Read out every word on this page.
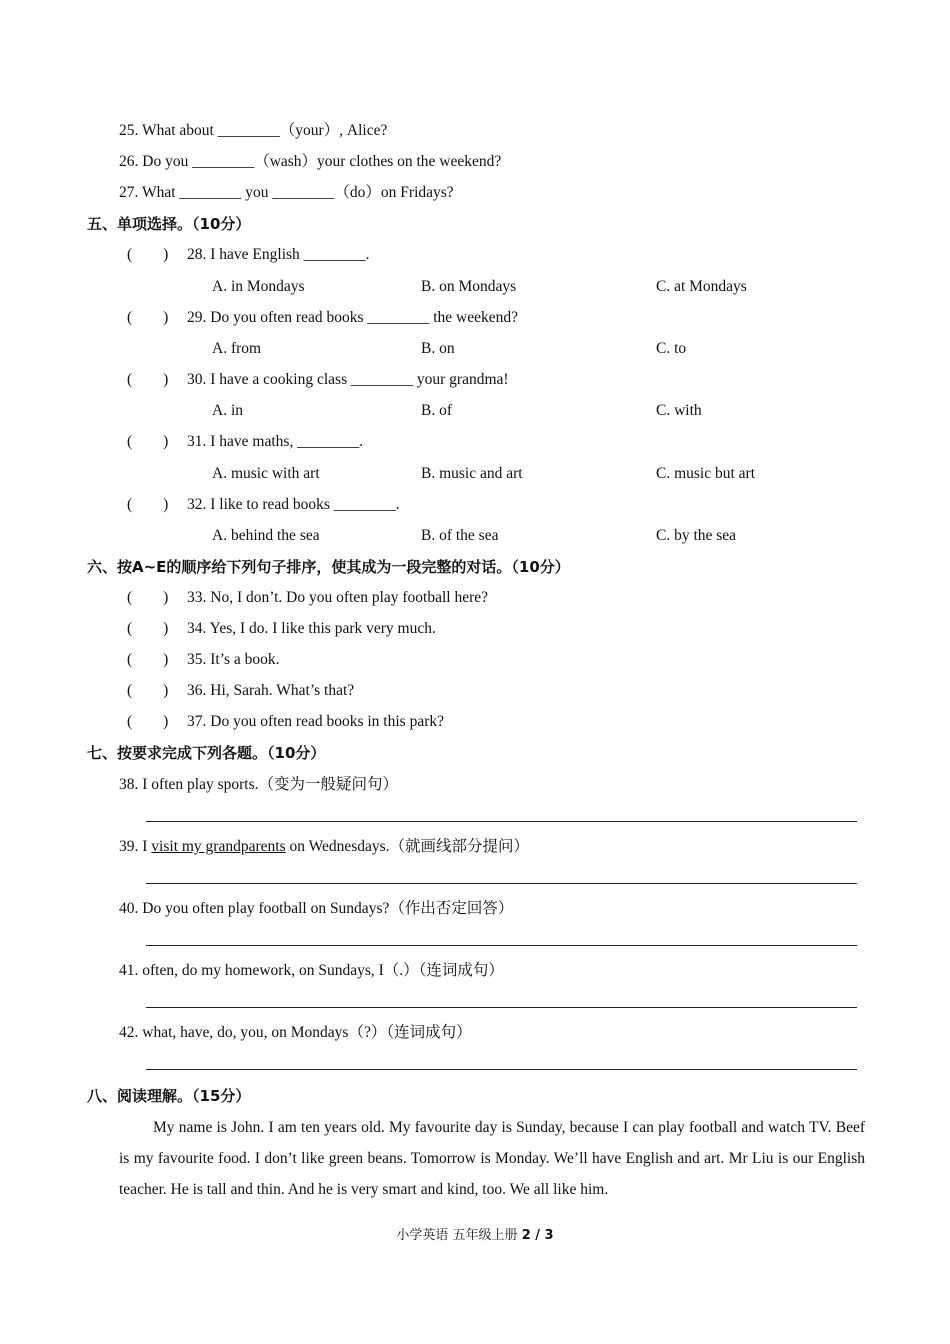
25. What about ________（your）, Alice?
26. Do you ________（wash）your clothes on the weekend?
27. What ________ you ________（do）on Fridays?
五、单项选择。（10分）
(        ) 28. I have English ________.
A. in Mondays	B. on Mondays	C. at Mondays
(        ) 29. Do you often read books ________ the weekend?
A. from	B. on	C. to
(        ) 30. I have a cooking class ________ your grandma!
A. in	B. of	C. with
(        ) 31. I have maths, ________.
A. music with art	B. music and art	C. music but art
(        ) 32. I like to read books ________.
A. behind the sea	B. of the sea	C. by the sea
六、按A~E的顺序给下列句子排序，使其成为一段完整的对话。（10分）
(        ) 33. No, I don’t. Do you often play football here?
(        ) 34. Yes, I do. I like this park very much.
(        ) 35. It’s a book.
(        ) 36. Hi, Sarah. What’s that?
(        ) 37. Do you often read books in this park?
七、按要求完成下列各题。（10分）
38. I often play sports.（变为一般疑问句）
39. I visit my grandparents on Wednesdays.（就画线部分提问）
40. Do you often play football on Sundays?（作出否定回答）
41. often, do my homework, on Sundays, I（.）（连词成句）
42. what, have, do, you, on Mondays（?）（连词成句）
八、阅读理解。（15分）
My name is John. I am ten years old. My favourite day is Sunday, because I can play football and watch TV. Beef is my favourite food. I don’t like green beans. Tomorrow is Monday. We’ll have English and art. Mr Liu is our English teacher. He is tall and thin. And he is very smart and kind, too. We all like him.
小学英语 五年级上册 2 / 3
